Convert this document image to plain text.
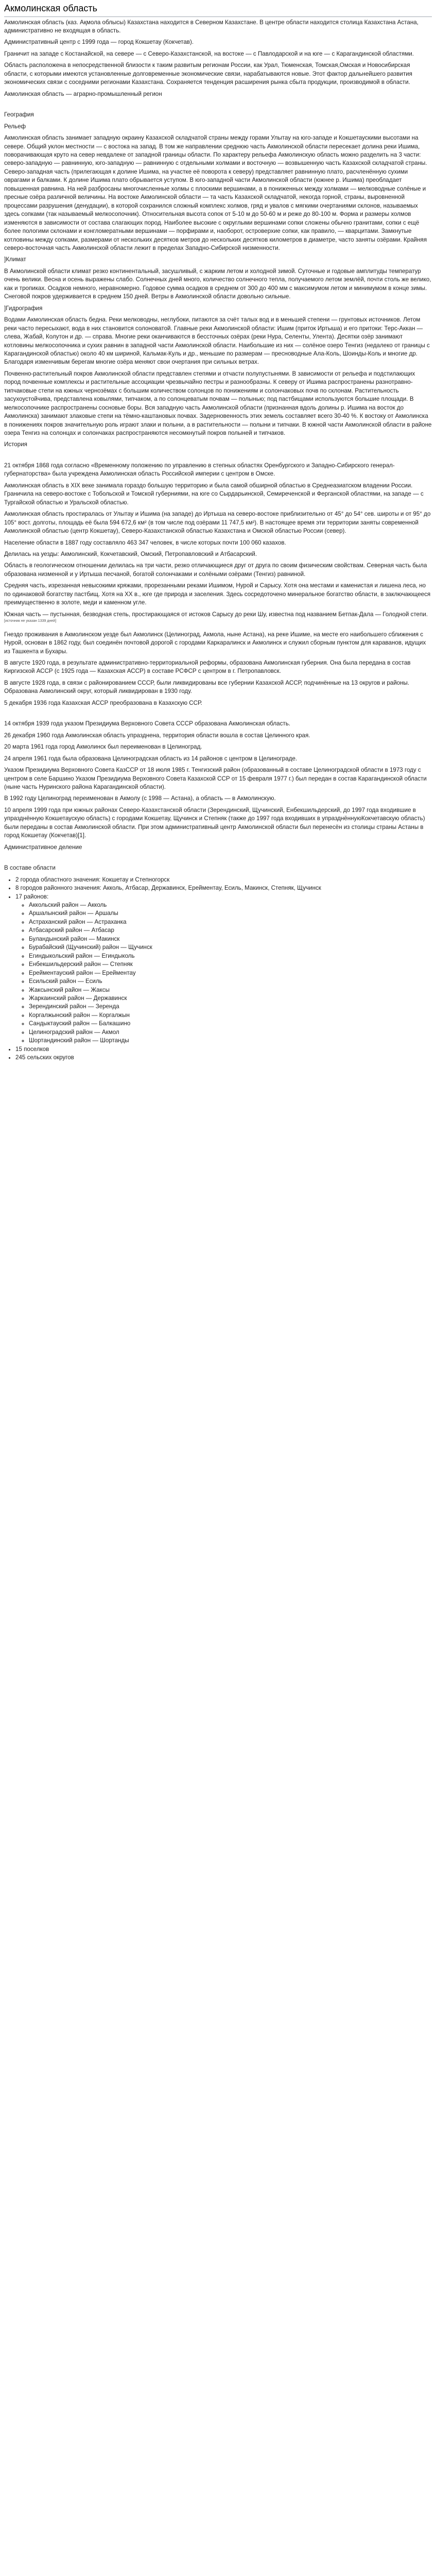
Акмолинская область

Акмолинская область (каз. Ақмола облысы) Казахстана находится в Северном Казахстане. В центре области находится столица Казахстана Астана, административно не входящая в область.

Административный центр с 1999 года — город Кокшетау (Кокчетав).

Граничит на западе с Костанайской, на севере — с Северо-Казахстанской, на востоке — с Павлодарской и на юге — с Карагандинской областями.

Область расположена в непосредственной близости к таким развитым регионам России, как Урал, Тюменская, Томская,Омская и Новосибирская области, с которыми имеются установленные долговременные экономические связи, нарабатываются новые. Этот фактор дальнейшего развития экономических связи с соседними регионами Казахстана. Сохраняется тенденция расширения рынка сбыта продукции, производимой в области.

Акмолинская область — аграрно-промышленный регион

География

Рельеф

Акмолинская область занимает западную окраину Казахской складчатой страны между горами Улытау на юго-западе и Кокшетаускими высотами на севере. Общий уклон местности — с востока на запад. В том же направлении среднюю часть Акмолинской области пересекает долина реки Ишима, поворачивающая круто на север невдалеке от западной границы области. По характеру рельефа Акмолинскую область можно разделить на 3 части: северо-западную — равнинную, юго-западную — равнинную с отдельными холмами и восточную — возвышенную часть Казахской складчатой страны. Северо-западная часть (прилегающая к долине Ишима, на участке её поворота к северу) представляет равнинную плато, расчленённую сухими оврагами и балками. К долине Ишима плато обрывается уступом. В юго-западной части Акмолинской области (южнее р. Ишима) преобладает повышенная равнина. На ней разбросаны многочисленные холмы с плоскими вершинами, а в пониженных между холмами — мелководные солёные и пресные озёра различной величины. На востоке Акмолинской области — та часть Казахской складчатой, некогда горной, страны, выровненной процессами разрушения (денудации), в которой сохранился сложный комплекс холмов, гряд и увалов с мягкими очертаниями склонов, называемых здесь сопками (так называемый мелкосопочник). Относительная высота сопок от 5-10 м до 50-60 м и реже до 80-100 м. Форма и размеры холмов изменяются в зависимости от состава слагающих пород. Наиболее высокие с округлыми вершинами сопки сложены обычно гранитами, сопки с ещё более пологими склонами и конгломератными вершинами — порфирами и, наоборот, островерхие сопки, как правило, — кварцитами. Замкнутые котловины между сопками, размерами от нескольких десятков метров до нескольких десятков километров в диаметре, часто заняты озёрами. Крайняя северо-восточная часть Акмолинской области лежит в пределах Западно-Сибирской низменности.

]Климат

В Акмолинской области климат резко континентальный, засушливый, с жарким летом и холодной зимой. Суточные и годовые амплитуды температур очень велики. Весна и осень выражены слабо. Солнечных дней много, количество солнечного тепла, получаемого летом землёй, почти столь же велико, как и тропиках. Осадков немного, неравномерно. Годовое сумма осадков в среднем от 300 до 400 мм с максимумом летом и минимумом в конце зимы. Снеговой покров удерживается в среднем 150 дней. Ветры в Акмолинской области довольно сильные.

]Гидрография

Водами Акмолинская область бедна. Реки мелководны, неглубоки, питаются за счёт талых вод и в меньшей степени — грунтовых источников. Летом реки часто пересыхают, вода в них становится солоноватой. Главные реки Акмолинской области: Ишим (приток Иртыша) и его притоки: Терс-Аккан — слева, Жабай, Колутон и др. — справа. Многие реки оканчиваются в бессточных озёрах (реки Нура, Селенты, Улента). Десятки озёр занимают котловины мелкосопочника и сухих равнин в западной части Акмолинской области. Наибольшие из них — солёное озеро Тенгиз (недалеко от границы с Карагандинской областью) около 40 км шириной, Кальмак-Куль и др., меньшие по размерам — пресноводные Ала-Коль, Шоинды-Коль и многие др. Благодаря изменчивым берегам многие озёра меняют свои очертания при сильных ветрах.

Почвенно-растительный покров Акмолинской области представлен степями и отчасти полупустынями. В зависимости от рельефа и подстилающих пород почвенные комплексы и растительные ассоциации чрезвычайно пестры и разнообразны. К северу от Ишима распространены разнотравно-типчаковые степи на южных чернозёмах с большим количеством солонцов по понижениям и солончаковых почв по склонам. Растительность засухоустойчива, представлена ковылями, типчаком, а по солонцеватым почвам — полынью; под пастбищами используются большие площади. В мелкосопочнике распространены сосновые боры. Вся западную часть Акмолинской области (признанная вдоль долины р. Ишима на восток до Акмолинска) занимают злаковые степи на тёмно-каштановых почвах. Задерновенность этих земель составляет всего 30-40 %. К востоку от Акмолинска в понижениях покров значительную роль играют злаки и полыни, а в растительности — полыни и типчаки. В южной части Акмолинской области в районе озера Тенгиз на солонцах и солончаках распространяются несомкнутый покров полыней и типчаков.

История

21 октября 1868 года согласно «Временному положению по управлению в степных областях Оренбургского и Западно-Сибирского генерал-губернаторства» была учреждена Акмолинская область Российской империи с центром в Омске.

Акмолинская область в XIX веке занимала гораздо большую территорию и была самой обширной областью в Среднеазиатском владении России. Граничила на северо-востоке с Тобольской и Томской губерниями, на юге со Сырдарьинской, Семиреченской и Ферганской областями, на западе — с Тургайской областью и Уральской областью.

Акмолинская область простиралась от Улытау и Ишима (на западе) до Иртыша на северо-востоке приблизительно от 45° до 54° сев. широты и от 95° до 105° вост. долготы, площадь её была 594 672,6 км² (в том числе под озёрами 11 747,5 км²). В настоящее время эти территории заняты современной Акмолинской областью (центр Кокшетау), Северо-Казахстанской областью Казахстана и Омской областью России (север).

Население области в 1887 году составляло 463 347 человек, в числе которых почти 100 060 казахов.

Делилась на уезды: Акмолинский, Кокчетавский, Омский, Петропавловский и Атбасарский.

Область в геологическом отношении делилась на три части, резко отличающиеся друг от друга по своим физическим свойствам. Северная часть была образована низменной и у Иртыша песчаной, богатой солончаками и солёными озёрами (Тенгиз) равниной.

Средняя часть, изрезанная невысокими кряжами, прорезанными реками Ишимом, Нурой и Сарысу. Хотя она местами и каменистая и лишена леса, но по одинаковой богатству пастбищ. Хотя на ХХ в., юге где природа и заселения. Здесь сосредоточено минеральное богатство области, в заключающееся преимущественно в золоте, меди и каменном угле.

Южная часть — пустынная, безводная степь, простирающаяся от истоков Сарысу до реки Шу, известна под названием Бетпак-Дала — Голодной степи.[источник не указан 1339 дней]

Гнездо проживания в Акмолинском уезде был Акмолинск (Целиноград, Акмола, ныне Астана), на реке Ишиме, на месте его наибольшего сближения с Нурой, основан в 1862 году, был соединён почтовой дорогой с городами Каркаралинск и Акмолинск и служил сборным пунктом для караванов, идущих из Ташкента и Бухары.

В августе 1920 года, в результате административно-территориальной реформы, образована Акмолинская губерния. Она была передана в состав Киргизской АССР (с 1925 года — Казахская АССР) в составе РСФСР с центром в г. Петропавловск.

В августе 1928 года, в связи с районированием СССР, были ликвидированы все губернии Казахской АССР, подчинённые на 13 округов и районы. Образована Акмолинский округ, который ликвидирован в 1930 году.

5 декабря 1936 года Казахская АССР преобразована в Казахскую ССР.

14 октября 1939 года указом Президиума Верховного Совета СССР образована Акмолинская область.

26 декабря 1960 года Акмолинская область упразднена, территория области вошла в состав Целинного края.

20 марта 1961 года город Акмолинск был переименован в Целиноград.

24 апреля 1961 года была образована Целиноградская область из 14 районов с центром в Целинограде.

Указом Президиума Верховного Совета КазССР от 18 июля 1985 г. Тенгизский район (образованный в составе Целиноградской области в 1973 году с центром в селе Баршино Указом Президиума Верховного Совета Казахской ССР от 15 февраля 1977 г.) был передан в состав Карагандинской области (ныне часть Нуринского района Карагандинской области).

В 1992 году Целиноград переименован в Акмолу (с 1998 — Астана), а область — в Акмолинскую.

10 апреля 1999 года при южных районах Северо-Казахстанской области (Зерендинский, Щучинский, Енбекшильдерский, до 1997 года входившие в упразднённую Кокшетаускую область) с городами Кокшетау, Щучинск и Степняк (также до 1997 года входивших в упразднённуюКокчетавскую область) были переданы в состав Акмолинской области. При этом административный центр Акмолинской области был перенесён из столицы страны Астаны в город Кокшетау (Кокчетав)[1].

Административное деление

В составе области

• 2 города областного значения: Кокшетау и Степногорск
• 8 городов районного значения: Акколь, Атбасар, Державинск, Ерейментау, Есиль, Макинск, Степняк, Щучинск
• 17 районов:
◦ Аккольский район — Акколь
◦ Аршалынский район — Аршалы
◦ Астраханский район — Астраханка
◦ Атбасарский район — Атбасар
◦ Буландынский район — Макинск
◦ Бурабайский (Щучинский) район — Щучинск
◦ Егиндыкольский район — Егиндыколь
◦ Енбекшильдерский район — Степняк
◦ Ерейментауский район — Ерейментау
◦ Есильский район — Есиль
◦ Жаксынский район — Жаксы
◦ Жаркаинский район — Державинск
◦ Зерендинский район — Зеренда
◦ Коргалжынский район — Коргалжын
◦ Сандыктауский район — Балкашино
◦ Целиноградский район — Акмол
◦ Шортандинский район — Шортанды
• 15 поселков
• 245 сельских округов
